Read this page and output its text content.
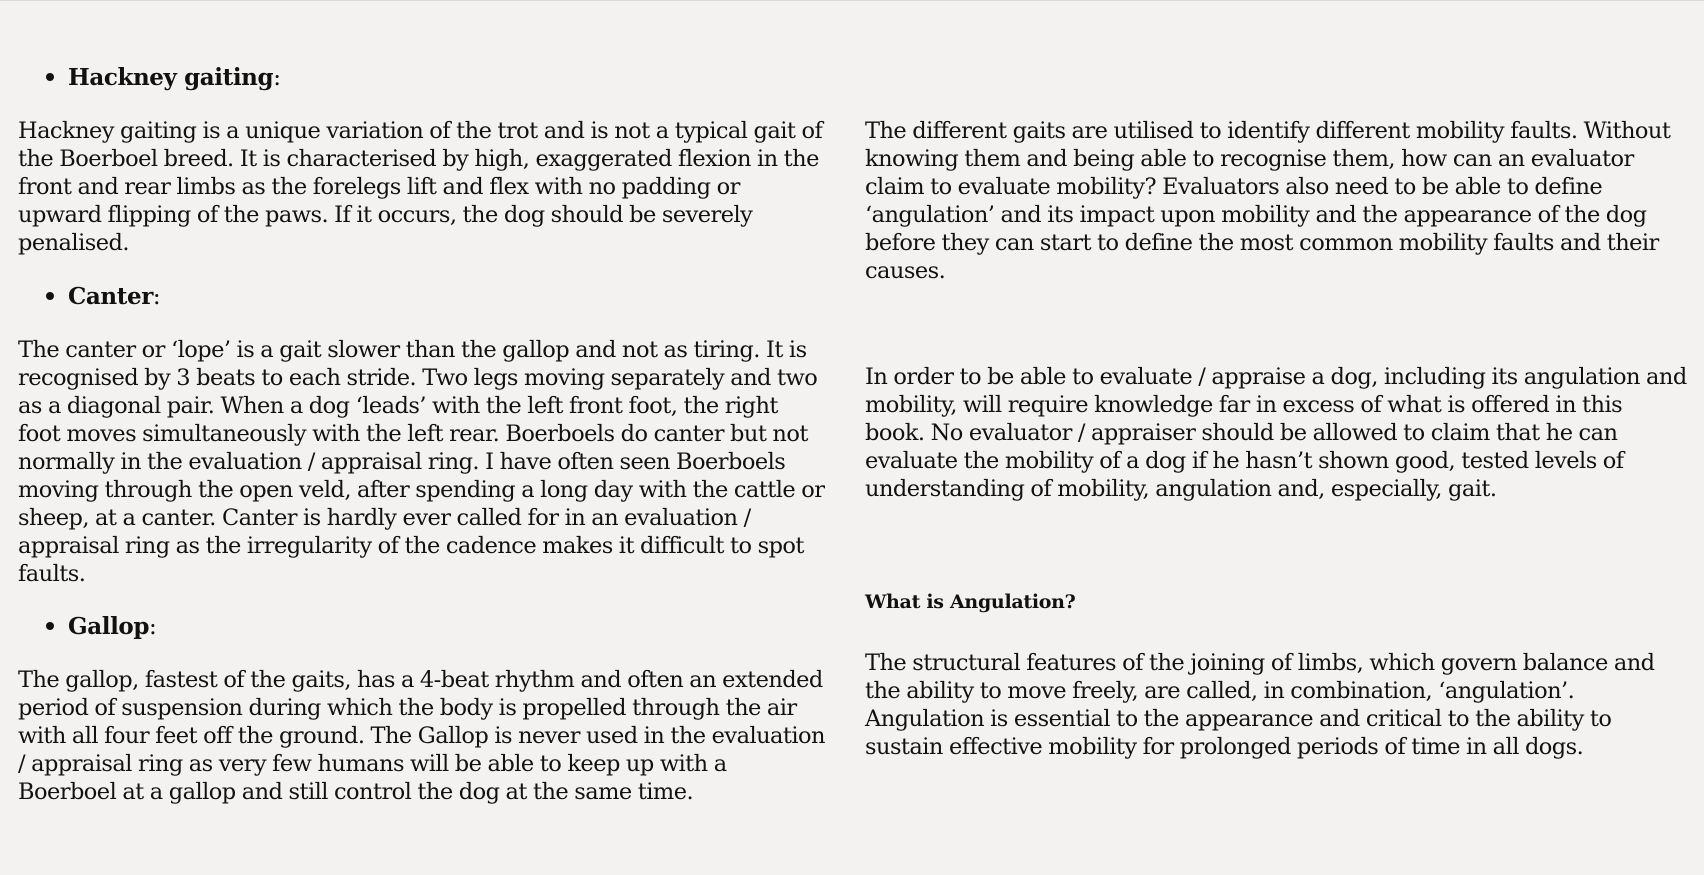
Hackney gaiting :

Hackney gaiting is a unique variation of the trot and is not a typical gait of the Boerboel breed. It is characterised by high, exaggerated flexion in the front and rear limbs as the forelegs lift and flex with no padding or upward flipping of the paws. If it occurs, the dog should be severely penalised.

Canter :

The canter or ‘lope’ is a gait slower than the gallop and not as tiring. It is recognised by 3 beats to each stride. Two legs moving separately and two as a diagonal pair. When a dog ‘leads’ with the left front foot, the right foot moves simultaneously with the left rear. Boerboels do canter but not normally in the evaluation / appraisal ring. I have often seen Boerboels moving through the open veld, after spending a long day with the cattle or sheep, at a canter. Canter is hardly ever called for in an evaluation / appraisal ring as the irregularity of the cadence makes it difficult to spot faults.

Gallop :

The gallop, fastest of the gaits, has a 4-beat rhythm and often an extended period of suspension during which the body is propelled through the air with all four feet off the ground. The Gallop is never used in the evaluation / appraisal ring as very few humans will be able to keep up with a Boerboel at a gallop and still control the dog at the same time.

The different gaits are utilised to identify different mobility faults. Without knowing them and being able to recognise them, how can an evaluator claim to evaluate mobility? Evaluators also need to be able to define ‘angulation’ and its impact upon mobility and the appearance of the dog before they can start to define the most common mobility faults and their causes.

In order to be able to evaluate / appraise a dog, including its angulation and mobility, will require knowledge far in excess of what is offered in this book. No evaluator / appraiser should be allowed to claim that he can evaluate the mobility of a dog if he hasn’t shown good, tested levels of understanding of mobility, angulation and, especially, gait.

What is Angulation?

The structural features of the joining of limbs, which govern balance and the ability to move freely, are called, in combination, ‘angulation’. Angulation is essential to the appearance and critical to the ability to sustain effective mobility for prolonged periods of time in all dogs.
